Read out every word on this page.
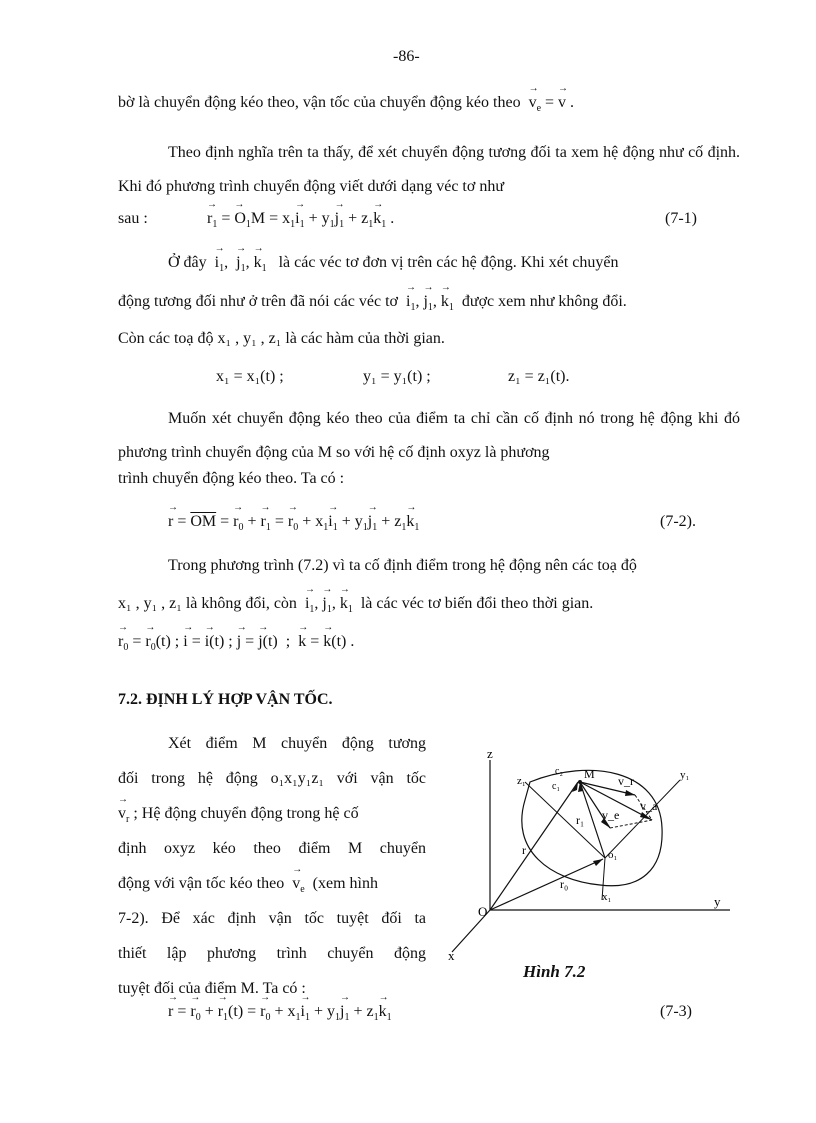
-86-
bờ là chuyển động kéo theo, vận tốc của chuyển động kéo theo → $v_e$ = → v .
Theo định nghĩa trên ta thấy, để xét chuyển động tương đối ta xem hệ động như cố định. Khi đó phương trình chuyển động viết dưới dạng véc tơ như
sau :	→ $r_1$ = → $O_1M = x_1\to i_1 + y_1\to j_1 + z_1\to k_1$ .	(7-1)
Ở đây → $i_1$,  → $j_1$, → $k_1$ là các véc tơ đơn vị trên các hệ động. Khi xét chuyển
động tương đối như ở trên đã nói các véc tơ → $i_1$, → $j_1$, → $k_1$ được xem như không đổi.
Còn các toạ độ x₁ , y₁ , z₁ là các hàm của thời gian.
x₁ = x₁(t) ;	y₁ = y₁(t) ;	z₁ = z₁(t).
Muốn xét chuyển động kéo theo của điểm ta chỉ cần cố định nó trong hệ động khi đó phương trình chuyển động của M so với hệ cố định oxyz là phương
trình chuyển động kéo theo. Ta có :
→ $r = \overline{OM}$ = → $r_0$ + → $r_1$ = → $r_0 + x_1\to i_1 + y_1\to j_1 + z_1\to k_1$	(7-2).
Trong phương trình (7.2) vì ta cố định điểm trong hệ động nên các toạ độ
x₁ , y₁ , z₁ là không đổi, còn → $i_1$, → $j_1$, → $k_1$ là các véc tơ biến đổi theo thời gian.
→ $r_0$ = → $r_0(t)$ ; → i = → i(t) ; → j = → j(t)  ;  → k = → k(t) .
7.2. ĐỊNH LÝ HỢP VẬN TỐC.
Xét điểm M chuyển động tương
đối trong hệ động o₁x₁y₁z₁ với vận tốc
→ $v_r$ ; Hệ động chuyển động trong hệ cố
định oxyz kéo theo điểm M chuyển
động với vận tốc kéo theo → $v_e$ (xem hình
7-2). Để xác định vận tốc tuyệt đối ta
thiết lập phương trình chuyển động
tuyệt đối của điểm M. Ta có :
z
y
x
O
z₁	y₁
x₁
o₁
r
r₀
r₁
M
c₂
c₁	v_r
v_e
v_a
Hình 7.2
→ r = → $r_0$ + → $r_1(t)$ = → $r_0 + x_1\to i_1 + y_1\to j_1 + z_1\to k_1$	(7-3)
